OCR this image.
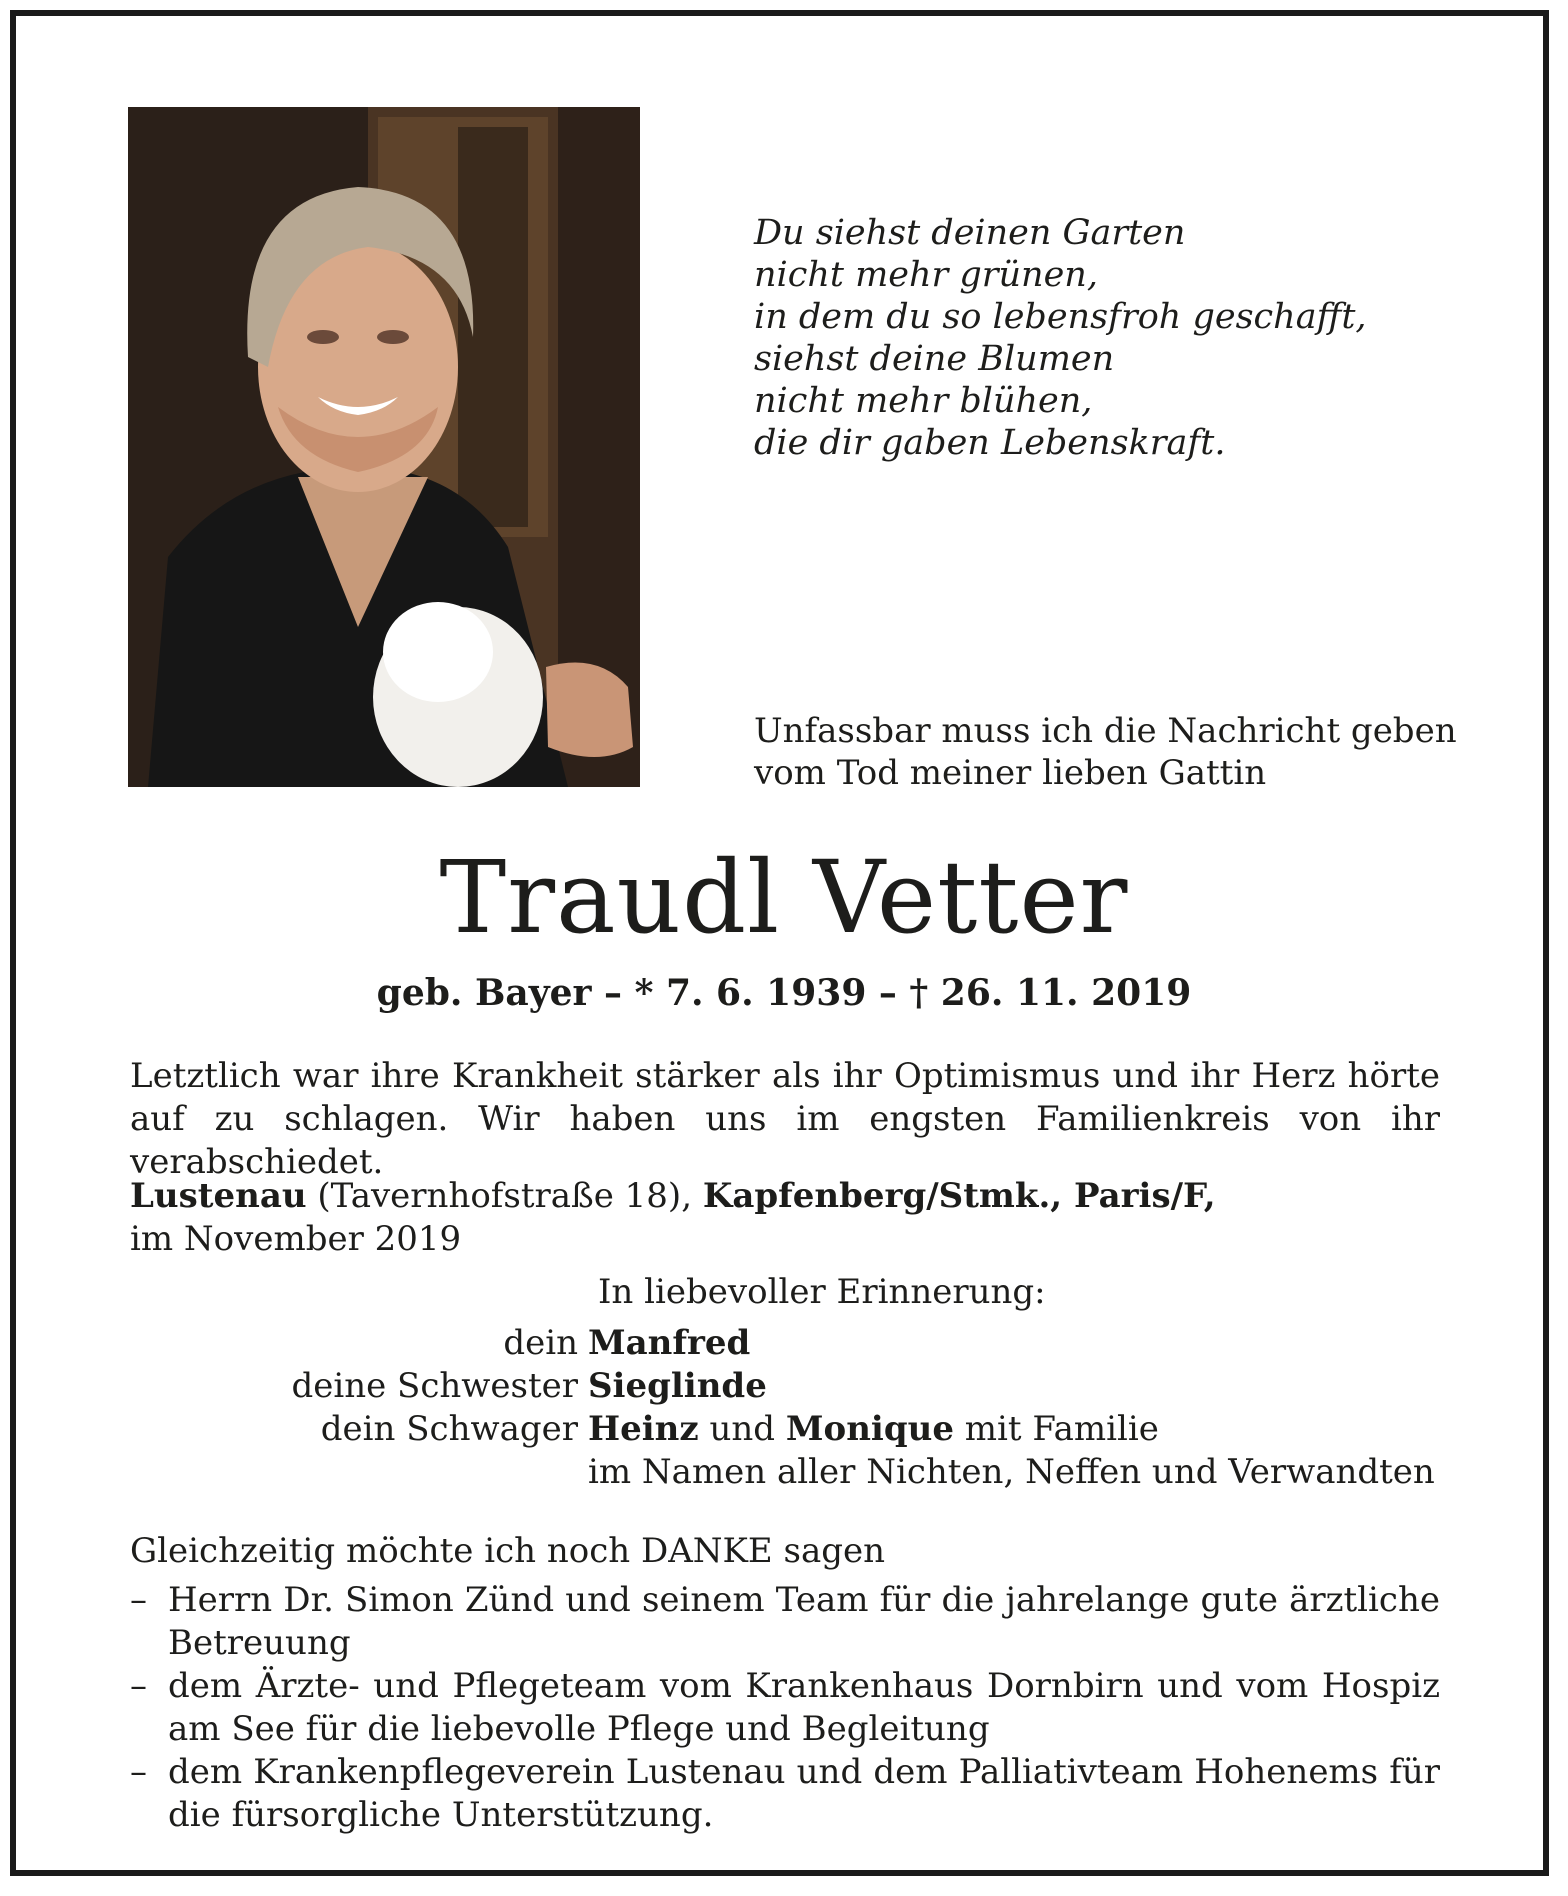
Du siehst deinen Garten
nicht mehr grünen,
in dem du so lebensfroh geschafft,
siehst deine Blumen
nicht mehr blühen,
die dir gaben Lebenskraft.
Unfassbar muss ich die Nachricht geben
vom Tod meiner lieben Gattin
Traudl Vetter
geb. Bayer – * 7. 6. 1939 – † 26. 11. 2019
Letztlich war ihre Krankheit stärker als ihr Optimismus und ihr Herz hörte auf zu schlagen. Wir haben uns im engsten Familienkreis von ihr verabschiedet.
Lustenau (Tavernhofstraße 18), Kapfenberg/Stmk., Paris/F,
im November 2019
In liebevoller Erinnerung:
dein Manfred
deine Schwester Sieglinde
dein Schwager Heinz und Monique mit Familie
im Namen aller Nichten, Neffen und Verwandten
Gleichzeitig möchte ich noch DANKE sagen
– Herrn Dr. Simon Zünd und seinem Team für die jahrelange gute ärztliche Betreuung
– dem Ärzte- und Pflegeteam vom Krankenhaus Dornbirn und vom Hospiz am See für die liebevolle Pflege und Begleitung
– dem Krankenpflegeverein Lustenau und dem Palliativteam Hohenems für die fürsorgliche Unterstützung.
